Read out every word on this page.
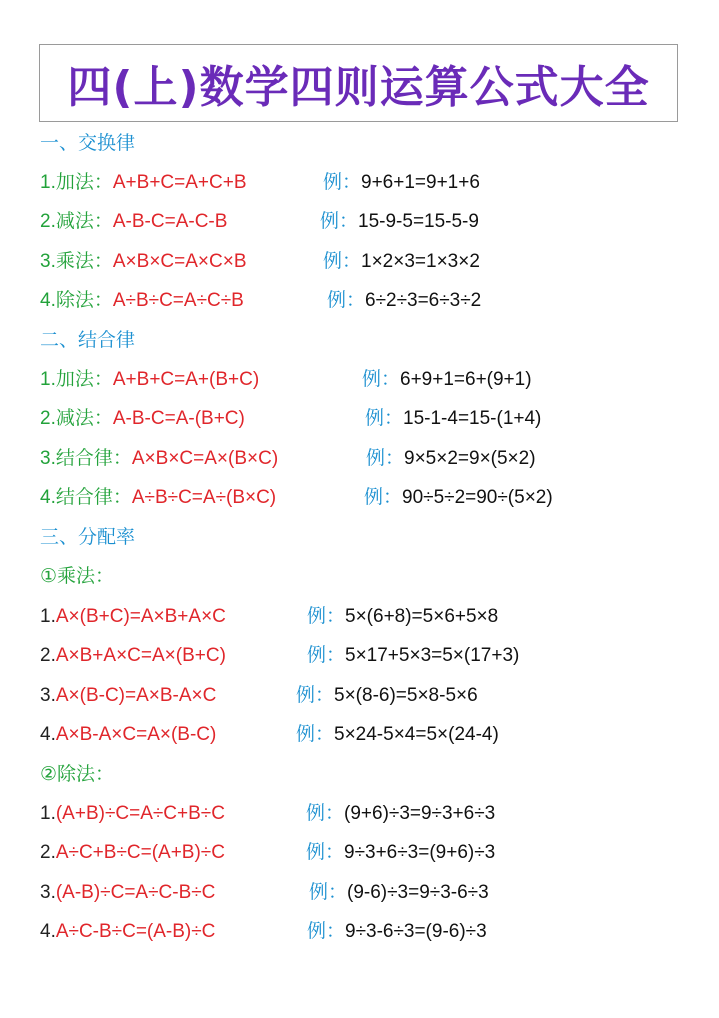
四(上)数学四则运算公式大全
一、交换律
1.加法：A+B+C=A+C+B	例：9+6+1=9+1+6
2.减法：A-B-C=A-C-B	例：15-9-5=15-5-9
3.乘法：A×B×C=A×C×B	例：1×2×3=1×3×2
4.除法：A÷B÷C=A÷C÷B	例：6÷2÷3=6÷3÷2
二、结合律
1.加法：A+B+C=A+(B+C)	例：6+9+1=6+(9+1)
2.减法：A-B-C=A-(B+C)	例：15-1-4=15-(1+4)
3.结合律：A×B×C=A×(B×C)	例：9×5×2=9×(5×2)
4.结合律：A÷B÷C=A÷(B×C)	例：90÷5÷2=90÷(5×2)
三、分配率
①乘法：
1.A×(B+C)=A×B+A×C	例：5×(6+8)=5×6+5×8
2.A×B+A×C=A×(B+C)	例：5×17+5×3=5×(17+3)
3.A×(B-C)=A×B-A×C	例：5×(8-6)=5×8-5×6
4.A×B-A×C=A×(B-C)	例：5×24-5×4=5×(24-4)
②除法：
1.(A+B)÷C=A÷C+B÷C	例：(9+6)÷3=9÷3+6÷3
2.A÷C+B÷C=(A+B)÷C	例：9÷3+6÷3=(9+6)÷3
3.(A-B)÷C=A÷C-B÷C	例：(9-6)÷3=9÷3-6÷3
4.A÷C-B÷C=(A-B)÷C	例：9÷3-6÷3=(9-6)÷3
